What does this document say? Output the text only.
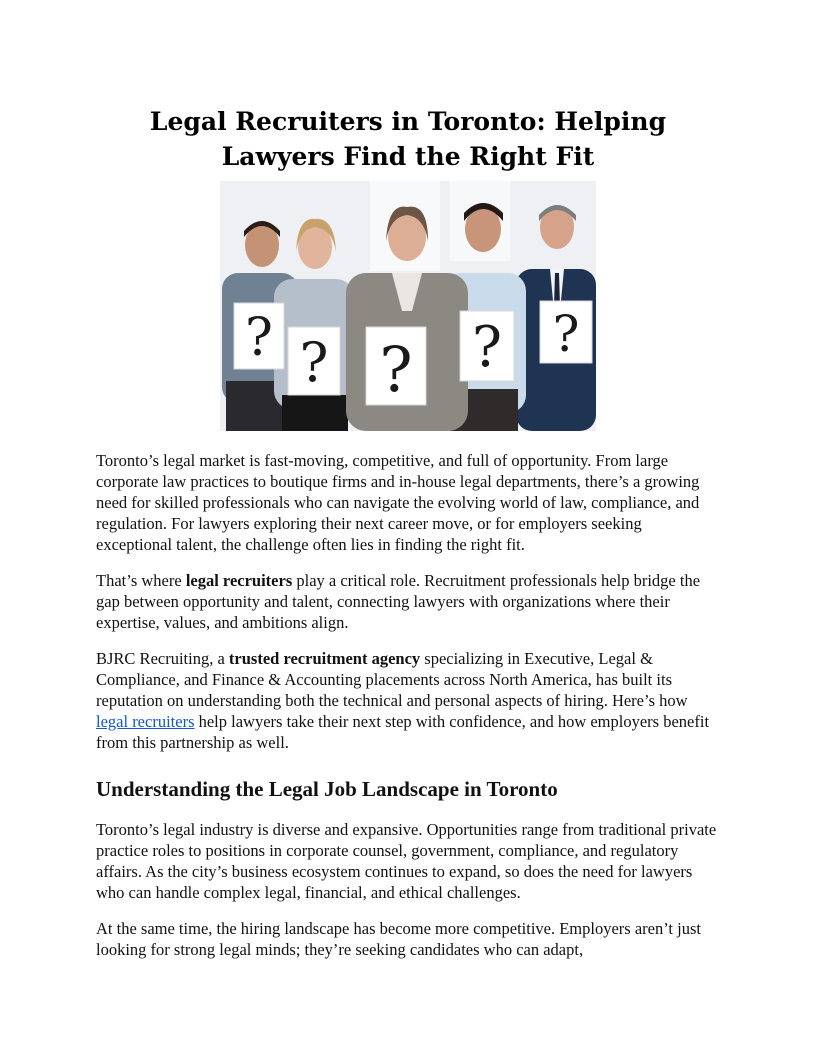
Legal Recruiters in Toronto: Helping Lawyers Find the Right Fit
? ? ? ? ?

Toronto’s legal market is fast-moving, competitive, and full of opportunity. From large corporate law practices to boutique firms and in-house legal departments, there’s a growing need for skilled professionals who can navigate the evolving world of law, compliance, and regulation. For lawyers exploring their next career move, or for employers seeking exceptional talent, the challenge often lies in finding the right fit.

That’s where legal recruiters play a critical role. Recruitment professionals help bridge the gap between opportunity and talent, connecting lawyers with organizations where their expertise, values, and ambitions align.

BJRC Recruiting, a trusted recruitment agency specializing in Executive, Legal & Compliance, and Finance & Accounting placements across North America, has built its reputation on understanding both the technical and personal aspects of hiring. Here’s how legal recruiters help lawyers take their next step with confidence, and how employers benefit from this partnership as well.

Understanding the Legal Job Landscape in Toronto

Toronto’s legal industry is diverse and expansive. Opportunities range from traditional private practice roles to positions in corporate counsel, government, compliance, and regulatory affairs. As the city’s business ecosystem continues to expand, so does the need for lawyers who can handle complex legal, financial, and ethical challenges.

At the same time, the hiring landscape has become more competitive. Employers aren’t just looking for strong legal minds; they’re seeking candidates who can adapt,
